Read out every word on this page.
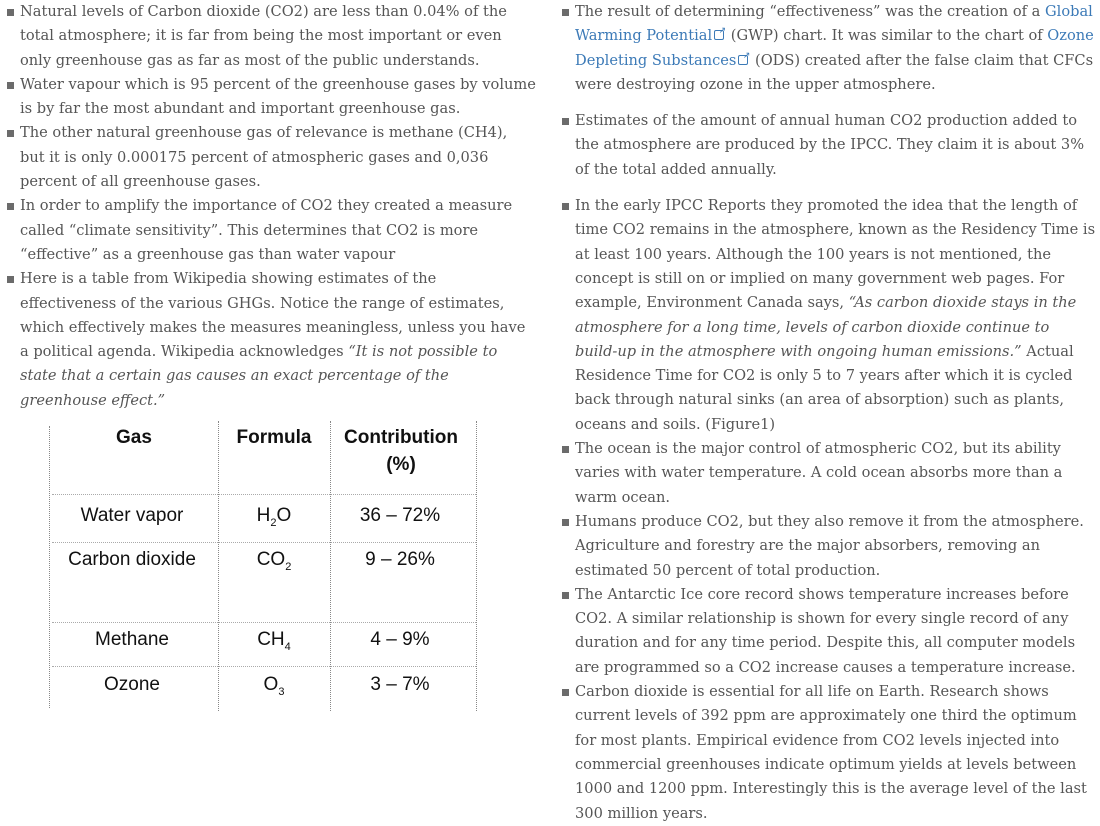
Natural levels of Carbon dioxide (CO2) are less than 0.04% of the total atmosphere; it is far from being the most important or even only greenhouse gas as far as most of the public understands.
Water vapour which is 95 percent of the greenhouse gases by volume is by far the most abundant and important greenhouse gas.
The other natural greenhouse gas of relevance is methane (CH4), but it is only 0.000175 percent of atmospheric gases and 0,036 percent of all greenhouse gases.
In order to amplify the importance of CO2 they created a measure called “climate sensitivity”. This determines that CO2 is more “effective” as a greenhouse gas than water vapour
Here is a table from Wikipedia showing estimates of the effectiveness of the various GHGs. Notice the range of estimates, which effectively makes the measures meaningless, unless you have a political agenda. Wikipedia acknowledges “It is not possible to state that a certain gas causes an exact percentage of the greenhouse effect.”
Gas	Formula	Contribution (%)
Water vapor	$H_2O$	36 – 72%
Carbon dioxide	$CO_2$	9 – 26%
Methane	$CH_4$	4 – 9%
Ozone	$O_3$	3 – 7%
The result of determining “effectiveness” was the creation of a Global Warming Potential↗ (GWP) chart. It was similar to the chart of Ozone Depleting Substances↗ (ODS) created after the false claim that CFCs were destroying ozone in the upper atmosphere.
Estimates of the amount of annual human CO2 production added to the atmosphere are produced by the IPCC. They claim it is about 3% of the total added annually.
In the early IPCC Reports they promoted the idea that the length of time CO2 remains in the atmosphere, known as the Residency Time is at least 100 years. Although the 100 years is not mentioned, the concept is still on or implied on many government web pages. For example, Environment Canada says, “As carbon dioxide stays in the atmosphere for a long time, levels of carbon dioxide continue to build-up in the atmosphere with ongoing human emissions.” Actual Residence Time for CO2 is only 5 to 7 years after which it is cycled back through natural sinks (an area of absorption) such as plants, oceans and soils. (Figure1)
The ocean is the major control of atmospheric CO2, but its ability varies with water temperature. A cold ocean absorbs more than a warm ocean.
Humans produce CO2, but they also remove it from the atmosphere. Agriculture and forestry are the major absorbers, removing an estimated 50 percent of total production.
The Antarctic Ice core record shows temperature increases before CO2. A similar relationship is shown for every single record of any duration and for any time period. Despite this, all computer models are programmed so a CO2 increase causes a temperature increase.
Carbon dioxide is essential for all life on Earth. Research shows current levels of 392 ppm are approximately one third the optimum for most plants. Empirical evidence from CO2 levels injected into commercial greenhouses indicate optimum yields at levels between 1000 and 1200 ppm. Interestingly this is the average level of the last 300 million years.
